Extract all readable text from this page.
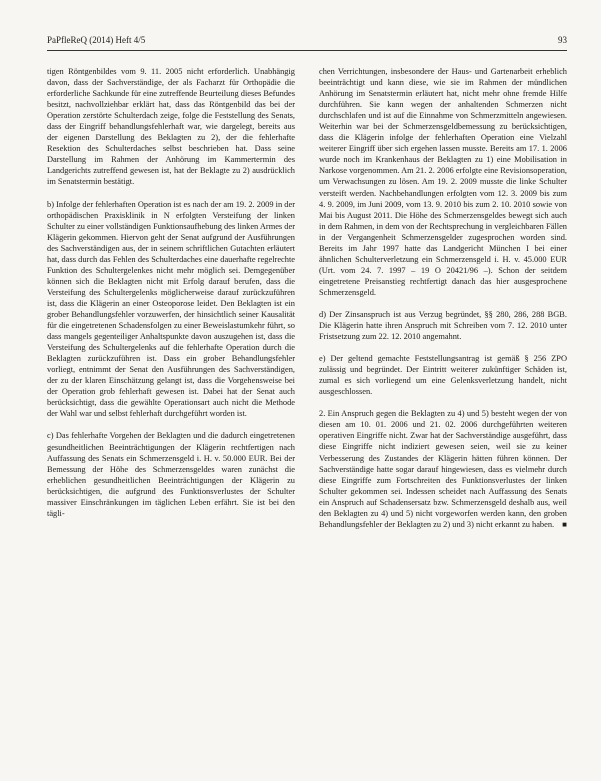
PaPfleReQ (2014) Heft 4/5	93

tigen Röntgenbildes vom 9. 11. 2005 nicht erforderlich. Unabhängig davon, dass der Sachverständige, der als Facharzt für Orthopädie die erforderliche Sachkunde für eine zutreffende Beurteilung dieses Befundes besitzt, nachvollziehbar erklärt hat, dass das Röntgenbild das bei der Operation zerstörte Schulterdach zeige, folge die Feststellung des Senats, dass der Eingriff behandlungsfehlerhaft war, wie dargelegt, bereits aus der eigenen Darstellung des Beklagten zu 2), der die fehlerhafte Resektion des Schulterdaches selbst beschrieben hat. Dass seine Darstellung im Rahmen der Anhörung im Kammertermin des Landgerichts zutreffend gewesen ist, hat der Beklagte zu 2) ausdrücklich im Senatstermin bestätigt.

b) Infolge der fehlerhaften Operation ist es nach der am 19. 2. 2009 in der orthopädischen Praxisklinik in N erfolgten Versteifung der linken Schulter zu einer vollständigen Funktionsaufhebung des linken Armes der Klägerin gekommen. Hiervon geht der Senat aufgrund der Ausführungen des Sachverständigen aus, der in seinem schriftlichen Gutachten erläutert hat, dass durch das Fehlen des Schulterdaches eine dauerhafte regelrechte Funktion des Schultergelenkes nicht mehr möglich sei. Demgegenüber können sich die Beklagten nicht mit Erfolg darauf berufen, dass die Versteifung des Schultergelenks möglicherweise darauf zurückzuführen ist, dass die Klägerin an einer Osteoporose leidet. Den Beklagten ist ein grober Behandlungsfehler vorzuwerfen, der hinsichtlich seiner Kausalität für die eingetretenen Schadensfolgen zu einer Beweislastumkehr führt, so dass mangels gegenteiliger Anhaltspunkte davon auszugehen ist, dass die Versteifung des Schultergelenks auf die fehlerhafte Operation durch die Beklagten zurückzuführen ist. Dass ein grober Behandlungsfehler vorliegt, entnimmt der Senat den Ausführungen des Sachverständigen, der zu der klaren Einschätzung gelangt ist, dass die Vorgehensweise bei der Operation grob fehlerhaft gewesen ist. Dabei hat der Senat auch berücksichtigt, dass die gewählte Operationsart auch nicht die Methode der Wahl war und selbst fehlerhaft durchgeführt worden ist.

c) Das fehlerhafte Vorgehen der Beklagten und die dadurch eingetretenen gesundheitlichen Beeinträchtigungen der Klägerin rechtfertigen nach Auffassung des Senats ein Schmerzensgeld i. H. v. 50.000 EUR. Bei der Bemessung der Höhe des Schmerzensgeldes waren zunächst die erheblichen gesundheitlichen Beeinträchtigungen der Klägerin zu berücksichtigen, die aufgrund des Funktionsverlustes der Schulter massiver Einschränkungen im täglichen Leben erfährt. Sie ist bei den tägli-

chen Verrichtungen, insbesondere der Haus- und Gartenarbeit erheblich beeinträchtigt und kann diese, wie sie im Rahmen der mündlichen Anhörung im Senatstermin erläutert hat, nicht mehr ohne fremde Hilfe durchführen. Sie kann wegen der anhaltenden Schmerzen nicht durchschlafen und ist auf die Einnahme von Schmerzmitteln angewiesen. Weiterhin war bei der Schmerzensgeldbemessung zu berücksichtigen, dass die Klägerin infolge der fehlerhaften Operation eine Vielzahl weiterer Eingriff über sich ergehen lassen musste. Bereits am 17. 1. 2006 wurde noch im Krankenhaus der Beklagten zu 1) eine Mobilisation in Narkose vorgenommen. Am 21. 2. 2006 erfolgte eine Revisionsoperation, um Verwachsungen zu lösen. Am 19. 2. 2009 musste die linke Schulter versteift werden. Nachbehandlungen erfolgten vom 12. 3. 2009 bis zum 4. 9. 2009, im Juni 2009, vom 13. 9. 2010 bis zum 2. 10. 2010 sowie von Mai bis August 2011. Die Höhe des Schmerzensgeldes bewegt sich auch in dem Rahmen, in dem von der Rechtsprechung in vergleichbaren Fällen in der Vergangenheit Schmerzensgelder zugesprochen worden sind. Bereits im Jahr 1997 hatte das Landgericht München I bei einer ähnlichen Schulterverletzung ein Schmerzensgeld i. H. v. 45.000 EUR (Urt. vom 24. 7. 1997 – 19 O 20421/96 –). Schon der seitdem eingetretene Preisanstieg rechtfertigt danach das hier ausgesprochene Schmerzensgeld.

d) Der Zinsanspruch ist aus Verzug begründet, §§ 280, 286, 288 BGB. Die Klägerin hatte ihren Anspruch mit Schreiben vom 7. 12. 2010 unter Fristsetzung zum 22. 12. 2010 angemahnt.

e) Der geltend gemachte Feststellungsantrag ist gemäß § 256 ZPO zulässig und begründet. Der Eintritt weiterer zukünftiger Schäden ist, zumal es sich vorliegend um eine Gelenksverletzung handelt, nicht ausgeschlossen.

2. Ein Anspruch gegen die Beklagten zu 4) und 5) besteht wegen der von diesen am 10. 01. 2006 und 21. 02. 2006 durchgeführten weiteren operativen Eingriffe nicht. Zwar hat der Sachverständige ausgeführt, dass diese Eingriffe nicht indiziert gewesen seien, weil sie zu keiner Verbesserung des Zustandes der Klägerin hätten führen können. Der Sachverständige hatte sogar darauf hingewiesen, dass es vielmehr durch diese Eingriffe zum Fortschreiten des Funktionsverlustes der linken Schulter gekommen sei. Indessen scheidet nach Auffassung des Senats ein Anspruch auf Schadensersatz bzw. Schmerzensgeld deshalb aus, weil den Beklagten zu 4) und 5) nicht vorgeworfen werden kann, den groben Behandlungsfehler der Beklagten zu 2) und 3) nicht erkannt zu haben. ■
